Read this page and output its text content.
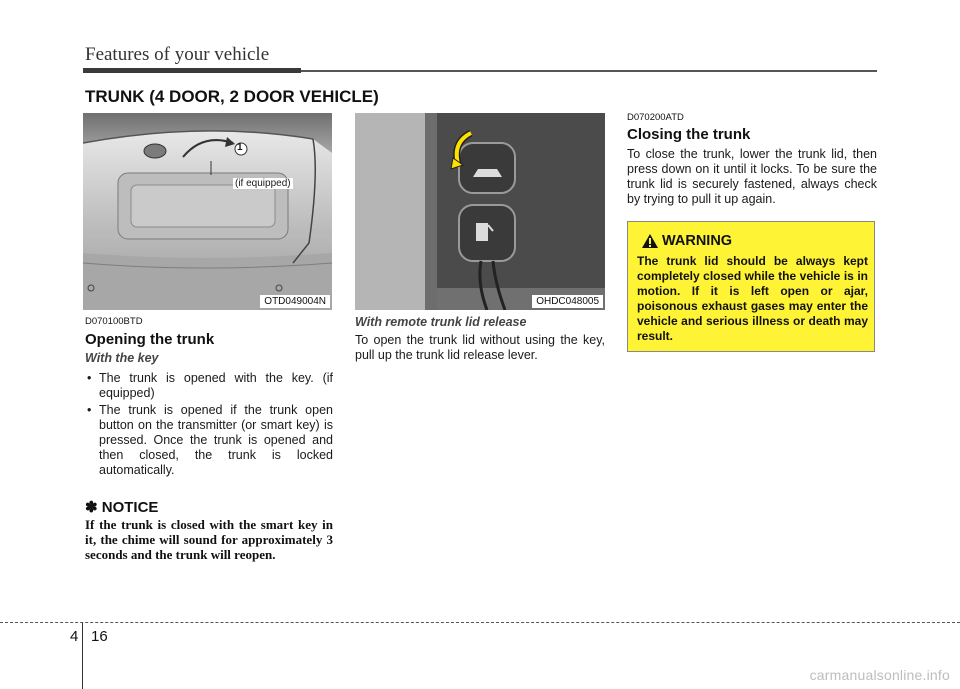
Features of your vehicle
TRUNK (4 DOOR, 2 DOOR VEHICLE)
1
(if equipped)
OTD049004N
D070100BTD
Opening the trunk
With the key
• The trunk is opened with the key. (if equipped)
• The trunk is opened if the trunk open button on the transmitter (or smart key) is pressed. Once the trunk is opened and then closed, the trunk is locked automatically.
✽ NOTICE
If the trunk is closed with the smart key in it, the chime will sound for approximately 3 seconds and the trunk will reopen.
OHDC048005
With remote trunk lid release
To open the trunk lid without using the key, pull up the trunk lid release lever.
D070200ATD
Closing the trunk
To close the trunk, lower the trunk lid, then press down on it until it locks. To be sure the trunk lid is securely fastened, always check by trying to pull it up again.
WARNING
The trunk lid should be always kept completely closed while the vehicle is in motion. If it is left open or ajar, poisonous exhaust gases may enter the vehicle and serious illness or death may result.
4 16
carmanualsonline.info
